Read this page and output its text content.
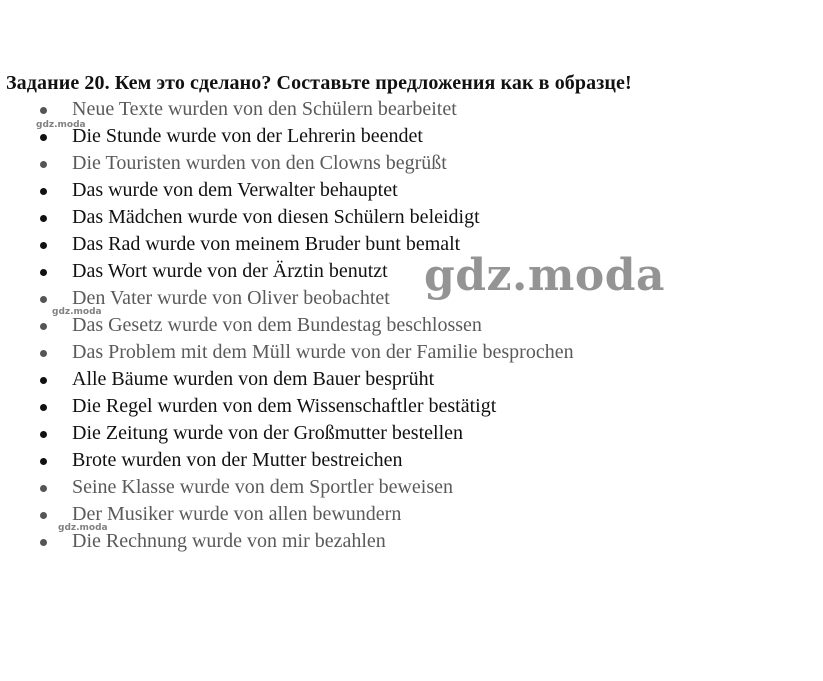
Задание 20. Кем это сделано? Составьте предложения как в образце!
Neue Texte wurden von den Schülern bearbeitet
Die Stunde wurde von der Lehrerin beendet
Die Touristen wurden von den Clowns begrüßt
Das wurde von dem Verwalter behauptet
Das Mädchen wurde von diesen Schülern beleidigt
Das Rad wurde von meinem Bruder bunt bemalt
Das Wort wurde von der Ärztin benutzt
Den Vater wurde von Oliver beobachtet
Das Gesetz wurde von dem Bundestag beschlossen
Das Problem mit dem Müll wurde von der Familie besprochen
Alle Bäume wurden von dem Bauer besprüht
Die Regel wurden von dem Wissenschaftler bestätigt
Die Zeitung wurde von der Großmutter bestellen
Brote wurden von der Mutter bestreichen
Seine Klasse wurde von dem Sportler beweisen
Der Musiker wurde von allen bewundern
Die Rechnung wurde von mir bezahlen
gdz.moda
gdz.moda
gdz.moda
gdz.moda
